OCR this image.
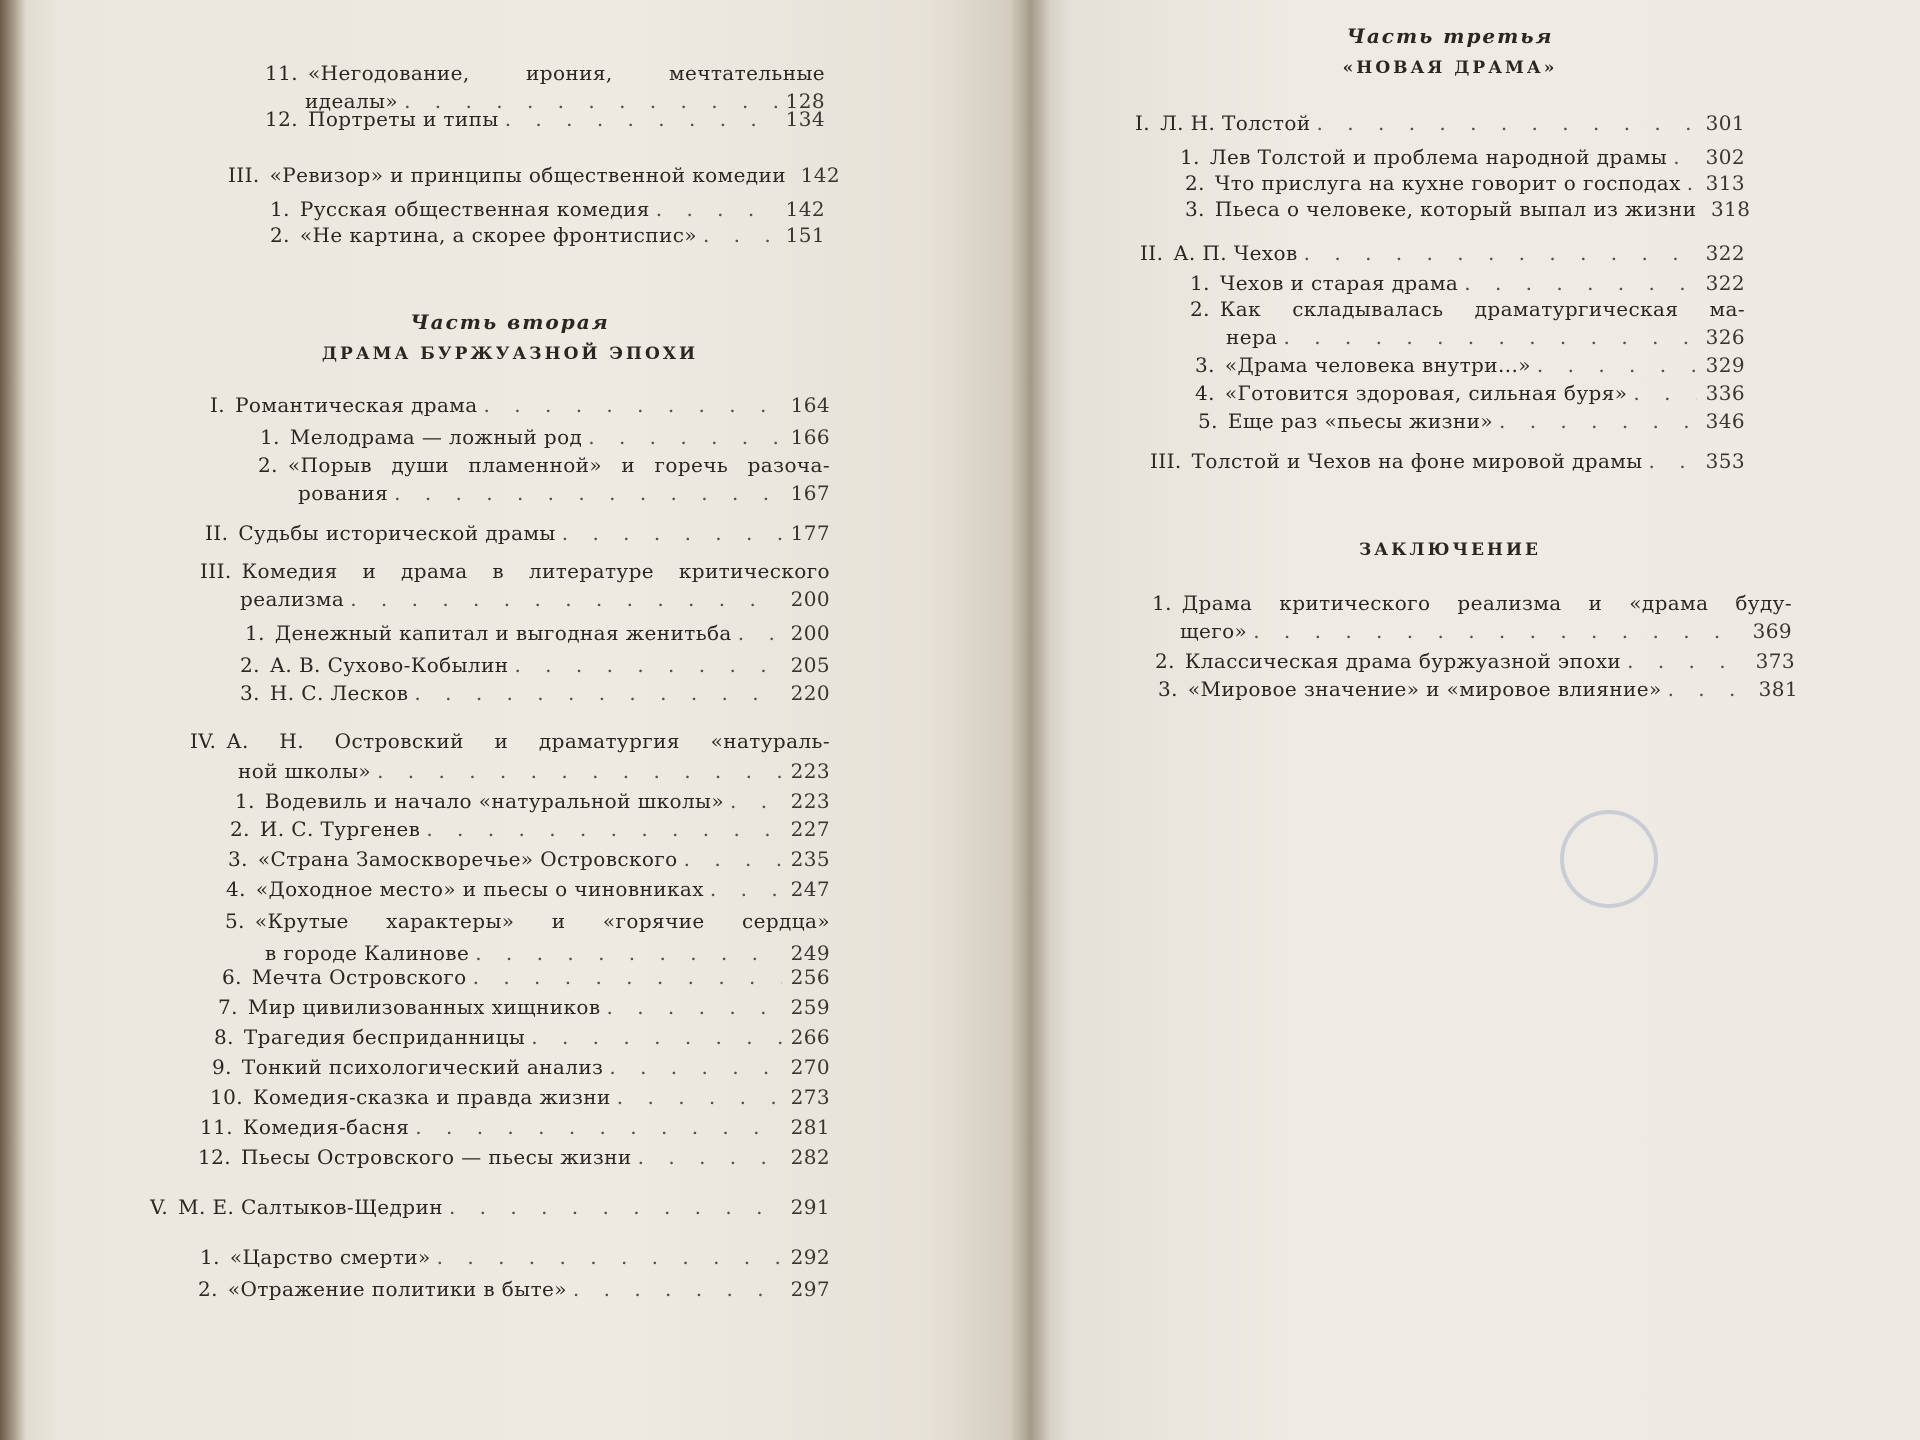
Часть вторая
ДРАМА БУРЖУАЗНОЙ ЭПОХИ
11. «Негодование, ирония, мечтательные
идеалы» . . .	128
12. Портреты и типы . . .	134
III. «Ревизор» и принципы общественной комедии 142
1. Русская общественная комедия . . .	142
2. «Не картина, а скорее фронтиспис» . . .	151
I. Романтическая драма . . .	164
1. Мелодрама — ложный род . . .	166
2. «Порыв души пламенной» и горечь разоча-
рования . . .	167
II. Судьбы исторической драмы . . .	177
III. Комедия и драма в литературе критического
реализма . . .	200
1. Денежный капитал и выгодная женитьба . . .	200
2. А. В. Сухово-Кобылин . . .	205
3. Н. С. Лесков . . .	220
IV. А. Н. Островский и драматургия «натураль-
ной школы» . . .	223
1. Водевиль и начало «натуральной школы» . . .	223
2. И. С. Тургенев . . .	227
3. «Страна Замоскворечье» Островского . . .	235
4. «Доходное место» и пьесы о чиновниках . . .	247
5. «Крутые характеры» и «горячие сердца»
в городе Калинове . . .	249
6. Мечта Островского . . .	256
7. Мир цивилизованных хищников . . .	259
8. Трагедия бесприданницы . . .	266
9. Тонкий психологический анализ . . .	270
10. Комедия-сказка и правда жизни . . .	273
11. Комедия-басня . . .	281
12. Пьесы Островского — пьесы жизни . . .	282
V. М. Е. Салтыков-Щедрин . . .	291
1. «Царство смерти» . . .	292
2. «Отражение политики в быте» . . .	297
Часть третья
«НОВАЯ ДРАМА»
ЗАКЛЮЧЕНИЕ
I. Л. Н. Толстой . . .	301
1. Лев Толстой и проблема народной драмы . . . 302
2. Что прислуга на кухне говорит о господах . . . 313
3. Пьеса о человеке, который выпал из жизни 318
II. А. П. Чехов . . .	322
1. Чехов и старая драма . . .	322
2. Как складывалась драматургическая ма-
нера . . .	326
3. «Драма человека внутри...» . . .	329
4. «Готовится здоровая, сильная буря» . . .	336
5. Еще раз «пьесы жизни» . . .	346
III. Толстой и Чехов на фоне мировой драмы . . .	353
1. Драма критического реализма и «драма буду-
щего» . . .	369
2. Классическая драма буржуазной эпохи . . .	373
3. «Мировое значение» и «мировое влияние» . . .	381
